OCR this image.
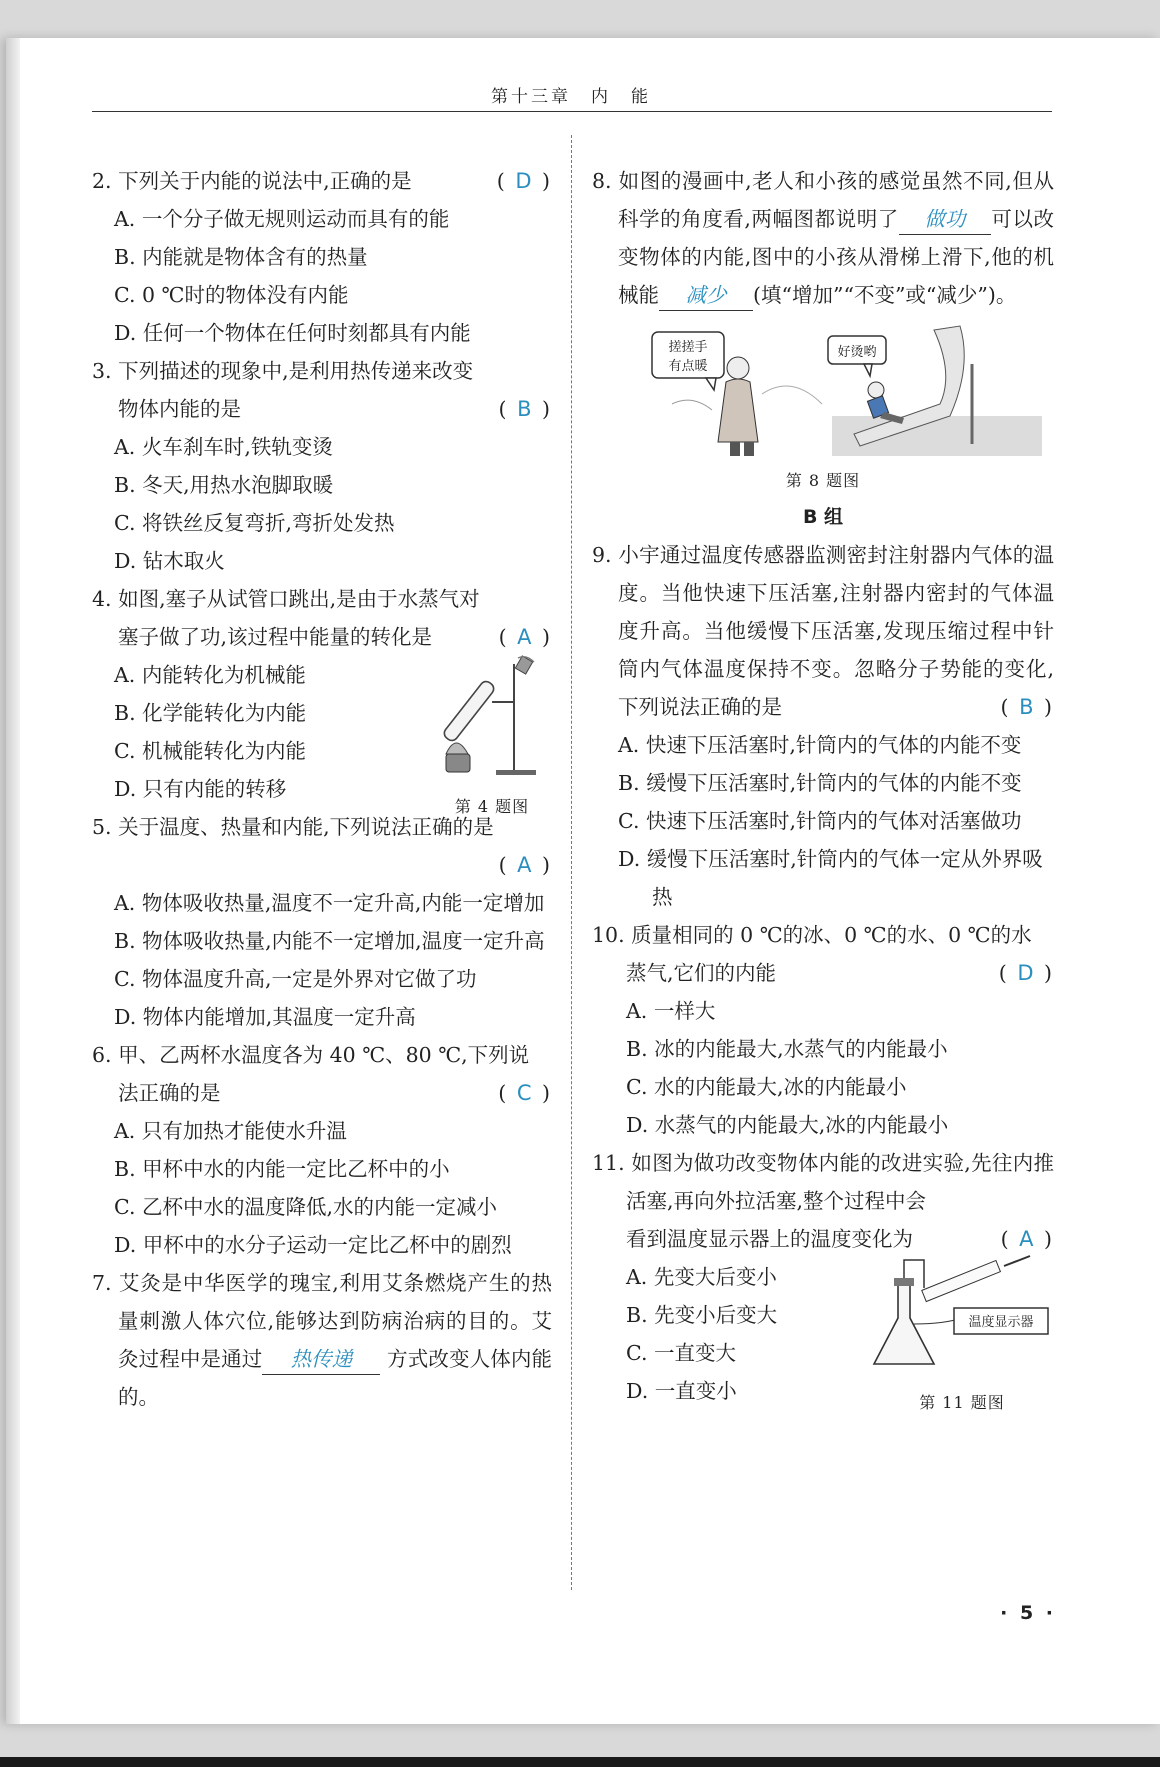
第十三章　内　能
( D )
2. 下列关于内能的说法中,正确的是
A. 一个分子做无规则运动而具有的能
B. 内能就是物体含有的热量
C. 0 ℃时的物体没有内能
D. 任何一个物体在任何时刻都具有内能
3. 下列描述的现象中,是利用热传递来改变
( B )
物体内能的是
A. 火车刹车时,铁轨变烫
B. 冬天,用热水泡脚取暖
C. 将铁丝反复弯折,弯折处发热
D. 钻木取火
4. 如图,塞子从试管口跳出,是由于水蒸气对
( A )
塞子做了功,该过程中能量的转化是
A. 内能转化为机械能
B. 化学能转化为内能
C. 机械能转化为内能
D. 只有内能的转移
第 4 题图
5. 关于温度、热量和内能,下列说法正确的是
( A )
A. 物体吸收热量,温度不一定升高,内能一定增加
B. 物体吸收热量,内能不一定增加,温度一定升高
C. 物体温度升高,一定是外界对它做了功
D. 物体内能增加,其温度一定升高
6. 甲、乙两杯水温度各为 40 ℃、80 ℃,下列说
( C )
法正确的是
A. 只有加热才能使水升温
B. 甲杯中水的内能一定比乙杯中的小
C. 乙杯中水的温度降低,水的内能一定减小
D. 甲杯中的水分子运动一定比乙杯中的剧烈
7. 艾灸是中华医学的瑰宝,利用艾条燃烧产生的热量刺激人体穴位,能够达到防病治病的目的。艾灸过程中是通过 热传递 方式改变人体内能的。
8. 如图的漫画中,老人和小孩的感觉虽然不同,但从科学的角度看,两幅图都说明了 做功 可以改变物体的内能,图中的小孩从滑梯上滑下,他的机械能 减少 (填“增加”“不变”或“减少”)。
搓搓手
有点暖
好烫哟
第 8 题图
B 组
9. 小宇通过温度传感器监测密封注射器内气体的温度。当他快速下压活塞,注射器内密封的气体温度升高。当他缓慢下压活塞,发现压缩过程中针筒内气体温度保持不变。忽略分子势能的变化,下列说法正确的是	( B )
A. 快速下压活塞时,针筒内的气体的内能不变
B. 缓慢下压活塞时,针筒内的气体的内能不变
C. 快速下压活塞时,针筒内的气体对活塞做功
D. 缓慢下压活塞时,针筒内的气体一定从外界吸热
10. 质量相同的 0 ℃的冰、0 ℃的水、0 ℃的水
( D )
蒸气,它们的内能
A. 一样大
B. 冰的内能最大,水蒸气的内能最小
C. 水的内能最大,冰的内能最小
D. 水蒸气的内能最大,冰的内能最小
11. 如图为做功改变物体内能的改进实验,先往内推活塞,再向外拉活塞,整个过程中会
( A )
看到温度显示器上的温度变化为
A. 先变大后变小
B. 先变小后变大
C. 一直变大
D. 一直变小
温度显示器
第 11 题图
· 5 ·
